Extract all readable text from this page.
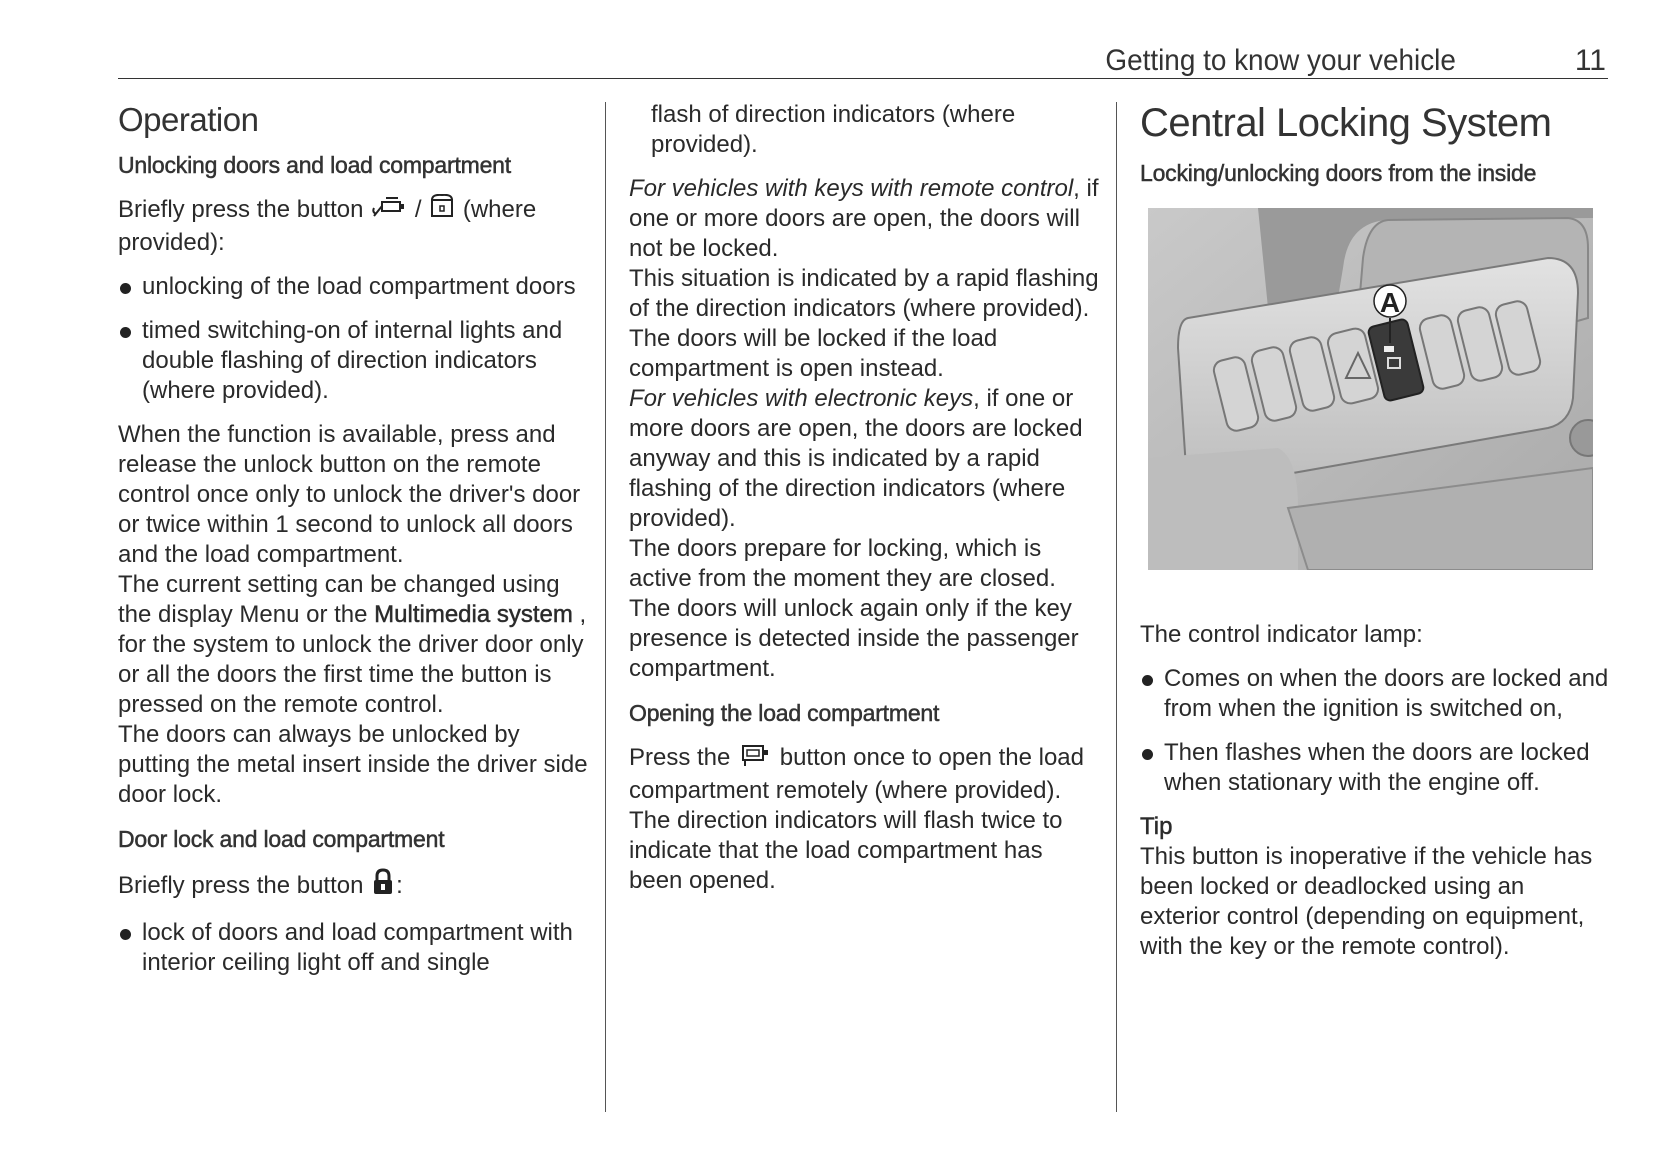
Getting to know your vehicle	11
Operation
Unlocking doors and load compartment

Briefly press the button / (where provided):

unlocking of the load compartment doors
timed switching-on of internal lights and double flashing of direction indicators (where provided).

When the function is available, press and release the unlock button on the remote control once only to unlock the driver's door or twice within 1 second to unlock all doors and the load compartment.

The current setting can be changed using the display Menu or the Multimedia system , for the system to unlock the driver door only or all the doors the first time the button is pressed on the remote control.

The doors can always be unlocked by putting the metal insert inside the driver side door lock.

Door lock and load compartment

Briefly press the button :

lock of doors and load compartment with interior ceiling light off and single

flash of direction indicators (where provided).

For vehicles with keys with remote control, if one or more doors are open, the doors will not be locked.

This situation is indicated by a rapid flashing of the direction indicators (where provided). The doors will be locked if the load compartment is open instead.

For vehicles with electronic keys, if one or more doors are open, the doors are locked anyway and this is indicated by a rapid flashing of the direction indicators (where provided).

The doors prepare for locking, which is active from the moment they are closed. The doors will unlock again only if the key presence is detected inside the passenger compartment.

Opening the load compartment

Press the button once to open the load compartment remotely (where provided).

The direction indicators will flash twice to indicate that the load compartment has been opened.

Central Locking System
Locking/unlocking doors from the inside
A

The control indicator lamp:

Comes on when the doors are locked and from when the ignition is switched on,
Then flashes when the doors are locked when stationary with the engine off.

Tip

This button is inoperative if the vehicle has been locked or deadlocked using an exterior control (depending on equipment, with the key or the remote control).
